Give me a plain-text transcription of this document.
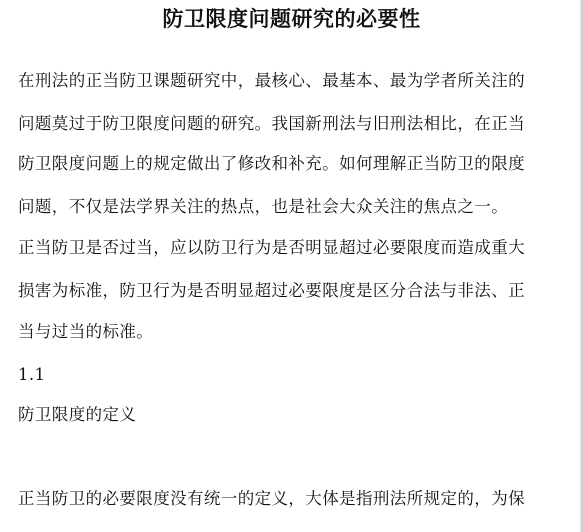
防卫限度问题研究的必要性
在刑法的正当防卫课题研究中，最核心、最基本、最为学者所关注的
问题莫过于防卫限度问题的研究。我国新刑法与旧刑法相比，在正当
防卫限度问题上的规定做出了修改和补充。如何理解正当防卫的限度
问题，不仅是法学界关注的热点，也是社会大众关注的焦点之一。
正当防卫是否过当，应以防卫行为是否明显超过必要限度而造成重大
损害为标准，防卫行为是否明显超过必要限度是区分合法与非法、正
当与过当的标准。
1.1
防卫限度的定义
正当防卫的必要限度没有统一的定义，大体是指刑法所规定的，为保
